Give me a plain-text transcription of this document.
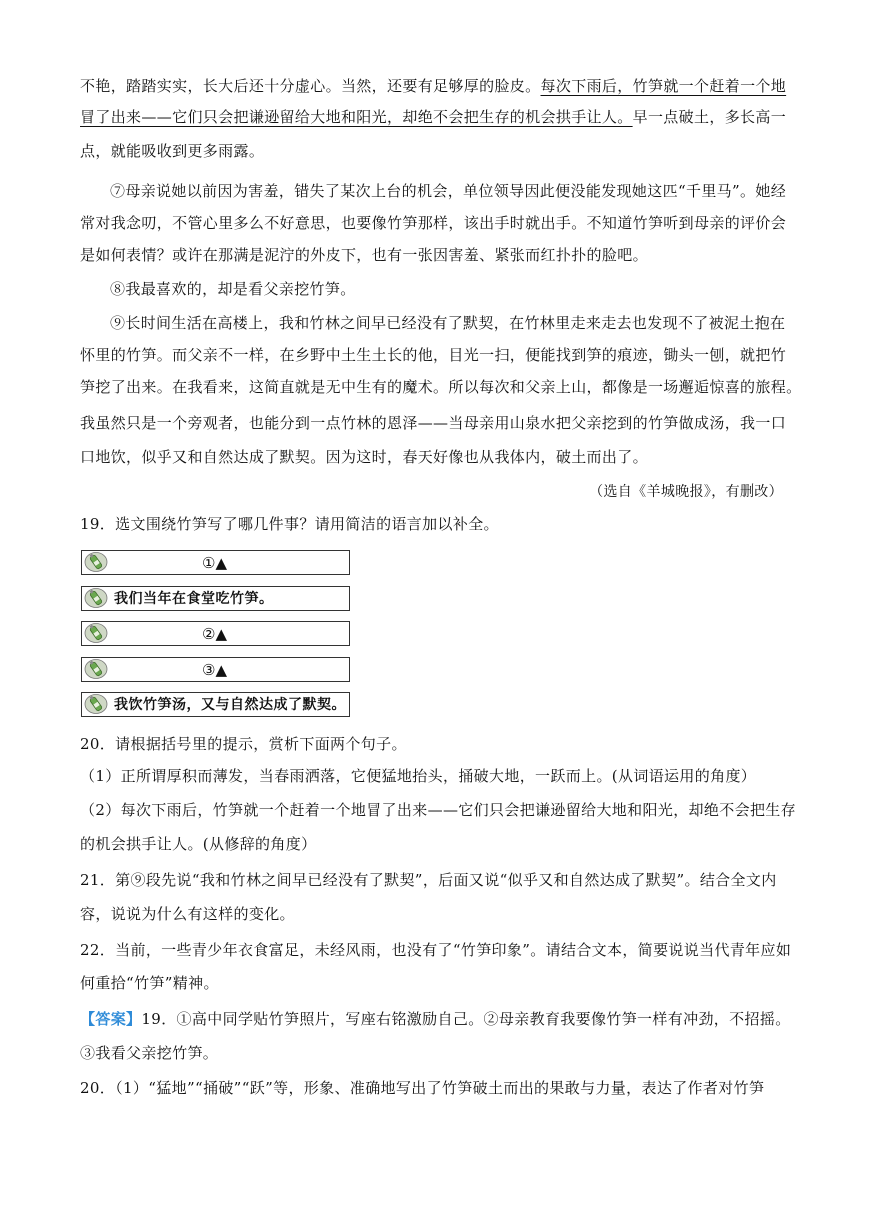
不艳，踏踏实实，长大后还十分虚心。当然，还要有足够厚的脸皮。每次下雨后，竹笋就一个赶着一个地
冒了出来——它们只会把谦逊留给大地和阳光，却绝不会把生存的机会拱手让人。早一点破土，多长高一
点，就能吸收到更多雨露。
⑦母亲说她以前因为害羞，错失了某次上台的机会，单位领导因此便没能发现她这匹“千里马”。她经
常对我念叨，不管心里多么不好意思，也要像竹笋那样，该出手时就出手。不知道竹笋听到母亲的评价会
是如何表情？或许在那满是泥泞的外皮下，也有一张因害羞、紧张而红扑扑的脸吧。
⑧我最喜欢的，却是看父亲挖竹笋。
⑨长时间生活在高楼上，我和竹林之间早已经没有了默契，在竹林里走来走去也发现不了被泥土抱在
怀里的竹笋。而父亲不一样，在乡野中土生土长的他，目光一扫，便能找到笋的痕迹，锄头一刨，就把竹
笋挖了出来。在我看来，这简直就是无中生有的魔术。所以每次和父亲上山，都像是一场邂逅惊喜的旅程。
我虽然只是一个旁观者，也能分到一点竹林的恩泽——当母亲用山泉水把父亲挖到的竹笋做成汤，我一口
口地饮，似乎又和自然达成了默契。因为这时，春天好像也从我体内，破土而出了。
（选自《羊城晚报》，有删改）
19．选文围绕竹笋写了哪几件事？请用简洁的语言加以补全。
①▲
我们当年在食堂吃竹笋。
②▲
③▲
我饮竹笋汤，又与自然达成了默契。
20．请根据括号里的提示，赏析下面两个句子。
（1）正所谓厚积而薄发，当春雨洒落，它便猛地抬头，捅破大地，一跃而上。(从词语运用的角度）
（2）每次下雨后，竹笋就一个赶着一个地冒了出来——它们只会把谦逊留给大地和阳光，却绝不会把生存
的机会拱手让人。(从修辞的角度）
21．第⑨段先说“我和竹林之间早已经没有了默契”，后面又说“似乎又和自然达成了默契”。结合全文内
容，说说为什么有这样的变化。
22．当前，一些青少年衣食富足，未经风雨，也没有了“竹笋印象”。请结合文本，简要说说当代青年应如
何重拾“竹笋”精神。
【答案】19．①高中同学贴竹笋照片，写座右铭激励自己。②母亲教育我要像竹笋一样有冲劲，不招摇。
③我看父亲挖竹笋。
20．（1）“猛地”“捅破”“跃”等，形象、准确地写出了竹笋破土而出的果敢与力量，表达了作者对竹笋
